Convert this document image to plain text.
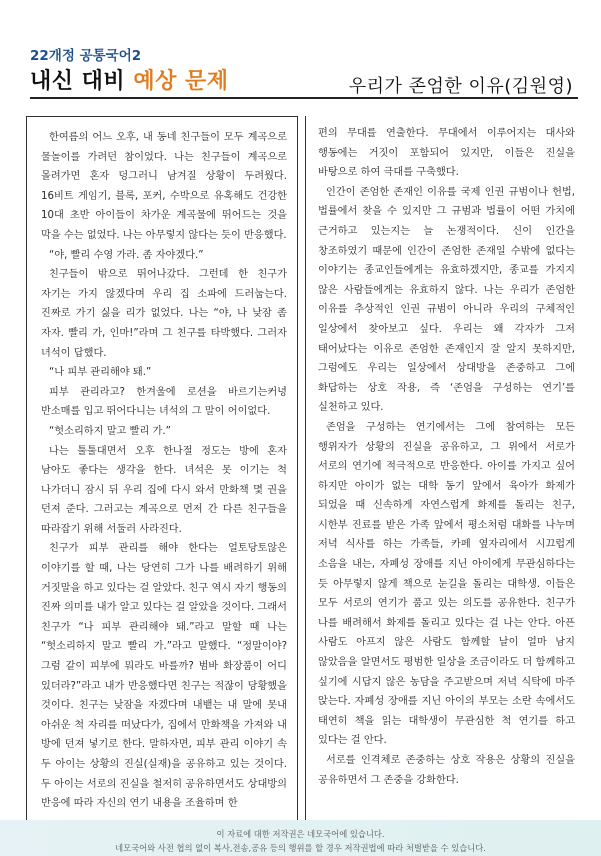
22개정 공통국어2
내신 대비 예상 문제	우리가 존엄한 이유(김원영)

한여름의 어느 오후, 내 동네 친구들이 모두 계곡으로 물놀이를 가려던 참이었다. 나는 친구들이 계곡으로 몰려가면 혼자 덩그러니 남겨질 상황이 두려웠다. 16비트 게임기, 블록, 포커, 수박으로 유혹해도 건강한 10대 초반 아이들이 차가운 계곡물에 뛰어드는 것을 막을 수는 없었다. 나는 아무렇지 않다는 듯이 반응했다.

“야, 빨리 수영 가라. 좀 자야겠다.”

친구들이 밖으로 뛰어나갔다. 그런데 한 친구가 자기는 가지 않겠다며 우리 집 소파에 드러눕는다. 진짜로 가기 싫을 리가 없었다. 나는 “야, 나 낮잠 좀 자자. 빨리 가, 인마!”라며 그 친구를 타박했다. 그러자 녀석이 답했다.

“나 피부 관리해야 돼.”

피부 관리라고? 한겨울에 로션을 바르기는커녕 반소매를 입고 뛰어다니는 녀석의 그 말이 어이없다.

“헛소리하지 말고 빨리 가.”

나는 툴툴대면서 오후 한나절 정도는 방에 혼자 남아도 좋다는 생각을 한다. 녀석은 못 이기는 척 나가더니 잠시 뒤 우리 집에 다시 와서 만화책 몇 권을 던져 준다. 그러고는 계곡으로 먼저 간 다른 친구들을 따라잡기 위해 서둘러 사라진다.

친구가 피부 관리를 해야 한다는 얼토당토않은 이야기를 할 때, 나는 당연히 그가 나를 배려하기 위해 거짓말을 하고 있다는 걸 알았다. 친구 역시 자기 행동의 진짜 의미를 내가 알고 있다는 걸 알았을 것이다. 그래서 친구가 “나 피부 관리해야 돼.”라고 말할 때 나는 “헛소리하지 말고 빨리 가.”라고 말했다. “정말이야? 그럼 같이 피부에 뭐라도 바를까? 범바 화장품이 어디 있더라?”라고 내가 반응했다면 친구는 적잖이 당황했을 것이다. 친구는 낮잠을 자겠다며 내뱉는 내 말에 못내 아쉬운 척 자리를 떠났다가, 집에서 만화책을 가져와 내 방에 던져 넣기로 한다. 말하자면, 피부 관리 이야기 속 두 아이는 상황의 진실(실재)을 공유하고 있는 것이다. 두 아이는 서로의 진실을 철저히 공유하면서도 상대방의 반응에 따라 자신의 연기 내용을 조율하며 한

편의 무대를 연출한다. 무대에서 이루어지는 대사와 행동에는 거짓이 포함되어 있지만, 이들은 진실을 바탕으로 하여 극대를 구축했다.

인간이 존엄한 존재인 이유를 국제 인권 규범이나 헌법, 법률에서 찾을 수 있지만 그 규범과 법률이 어떤 가치에 근거하고 있는지는 늘 논쟁적이다. 신이 인간을 창조하였기 때문에 인간이 존엄한 존재일 수밖에 없다는 이야기는 종교인들에게는 유효하겠지만, 종교를 가지지 않은 사람들에게는 유효하지 않다. 나는 우리가 존엄한 이유를 추상적인 인권 규범이 아니라 우리의 구체적인 일상에서 찾아보고 싶다. 우리는 왜 각자가 그저 태어났다는 이유로 존엄한 존재인지 잘 알지 못하지만, 그럼에도 우리는 일상에서 상대방을 존중하고 그에 화답하는 상호 작용, 즉 ‘존엄을 구성하는 연기’를 실천하고 있다.

존엄을 구성하는 연기에서는 그에 참여하는 모든 행위자가 상황의 진실을 공유하고, 그 위에서 서로가 서로의 연기에 적극적으로 반응한다. 아이를 가지고 싶어 하지만 아이가 없는 대학 동기 앞에서 육아가 화제가 되었을 때 신속하게 자연스럽게 화제를 돌리는 친구, 시한부 진료를 받은 가족 앞에서 평소처럼 대화를 나누며 저녁 식사를 하는 가족들, 카페 옆자리에서 시끄럽게 소음을 내는, 자폐성 장애를 지닌 아이에게 무관심하다는 듯 아무렇지 않게 책으로 눈길을 돌리는 대학생. 이들은 모두 서로의 연기가 품고 있는 의도를 공유한다. 친구가 나를 배려해서 화제를 돌리고 있다는 걸 나는 안다. 아픈 사람도 아프지 않은 사람도 함께할 날이 얼마 남지 않았음을 알면서도 평범한 일상을 조금이라도 더 함께하고 싶기에 시답지 않은 농담을 주고받으며 저녁 식탁에 마주 앉는다. 자폐성 장애를 지닌 아이의 부모는 소란 속에서도 태연히 책을 읽는 대학생이 무관심한 척 연기를 하고 있다는 걸 안다.

서로를 인격체로 존중하는 상호 작용은 상황의 진실을 공유하면서 그 존중을 강화한다.

이 자료에 대한 저작권은 네모국어에 있습니다.
네모국어와 사전 협의 없이 복사,전송,공유 등의 행위를 할 경우 저작권법에 따라 처벌받을 수 있습니다.
